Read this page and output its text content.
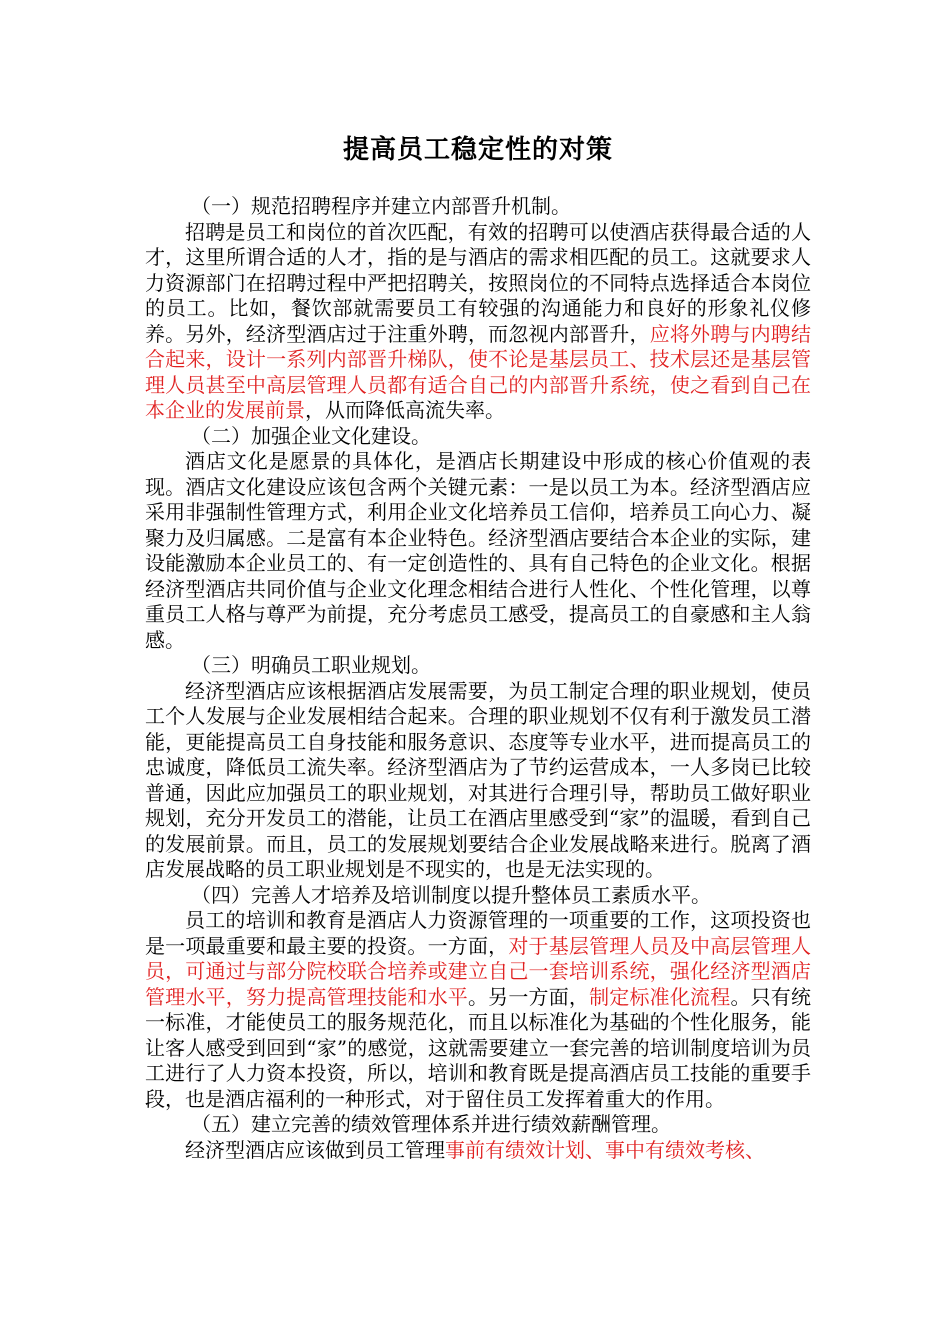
提高员工稳定性的对策

（一）规范招聘程序并建立内部晋升机制。

招聘是员工和岗位的首次匹配，有效的招聘可以使酒店获得最合适的人才，这里所谓合适的人才，指的是与酒店的需求相匹配的员工。这就要求人力资源部门在招聘过程中严把招聘关，按照岗位的不同特点选择适合本岗位的员工。比如，餐饮部就需要员工有较强的沟通能力和良好的形象礼仪修养。另外，经济型酒店过于注重外聘，而忽视内部晋升，应将外聘与内聘结合起来，设计一系列内部晋升梯队，使不论是基层员工、技术层还是基层管理人员甚至中高层管理人员都有适合自己的内部晋升系统，使之看到自己在本企业的发展前景，从而降低高流失率。

（二）加强企业文化建设。

酒店文化是愿景的具体化，是酒店长期建设中形成的核心价值观的表现。酒店文化建设应该包含两个关键元素：一是以员工为本。经济型酒店应采用非强制性管理方式，利用企业文化培养员工信仰，培养员工向心力、凝聚力及归属感。二是富有本企业特色。经济型酒店要结合本企业的实际，建设能激励本企业员工的、有一定创造性的、具有自己特色的企业文化。根据经济型酒店共同价值与企业文化理念相结合进行人性化、个性化管理，以尊重员工人格与尊严为前提，充分考虑员工感受，提高员工的自豪感和主人翁感。

（三）明确员工职业规划。

经济型酒店应该根据酒店发展需要，为员工制定合理的职业规划，使员工个人发展与企业发展相结合起来。合理的职业规划不仅有利于激发员工潜能，更能提高员工自身技能和服务意识、态度等专业水平，进而提高员工的忠诚度，降低员工流失率。经济型酒店为了节约运营成本，一人多岗已比较普通，因此应加强员工的职业规划，对其进行合理引导，帮助员工做好职业规划，充分开发员工的潜能，让员工在酒店里感受到“家”的温暖，看到自己的发展前景。而且，员工的发展规划要结合企业发展战略来进行。脱离了酒店发展战略的员工职业规划是不现实的，也是无法实现的。

（四）完善人才培养及培训制度以提升整体员工素质水平。

员工的培训和教育是酒店人力资源管理的一项重要的工作，这项投资也是一项最重要和最主要的投资。一方面，对于基层管理人员及中高层管理人员，可通过与部分院校联合培养或建立自己一套培训系统，强化经济型酒店管理水平，努力提高管理技能和水平。另一方面，制定标准化流程。只有统一标准，才能使员工的服务规范化，而且以标准化为基础的个性化服务，能让客人感受到回到“家”的感觉，这就需要建立一套完善的培训制度培训为员工进行了人力资本投资，所以，培训和教育既是提高酒店员工技能的重要手段，也是酒店福利的一种形式，对于留住员工发挥着重大的作用。

（五）建立完善的绩效管理体系并进行绩效薪酬管理。

经济型酒店应该做到员工管理事前有绩效计划、事中有绩效考核、
